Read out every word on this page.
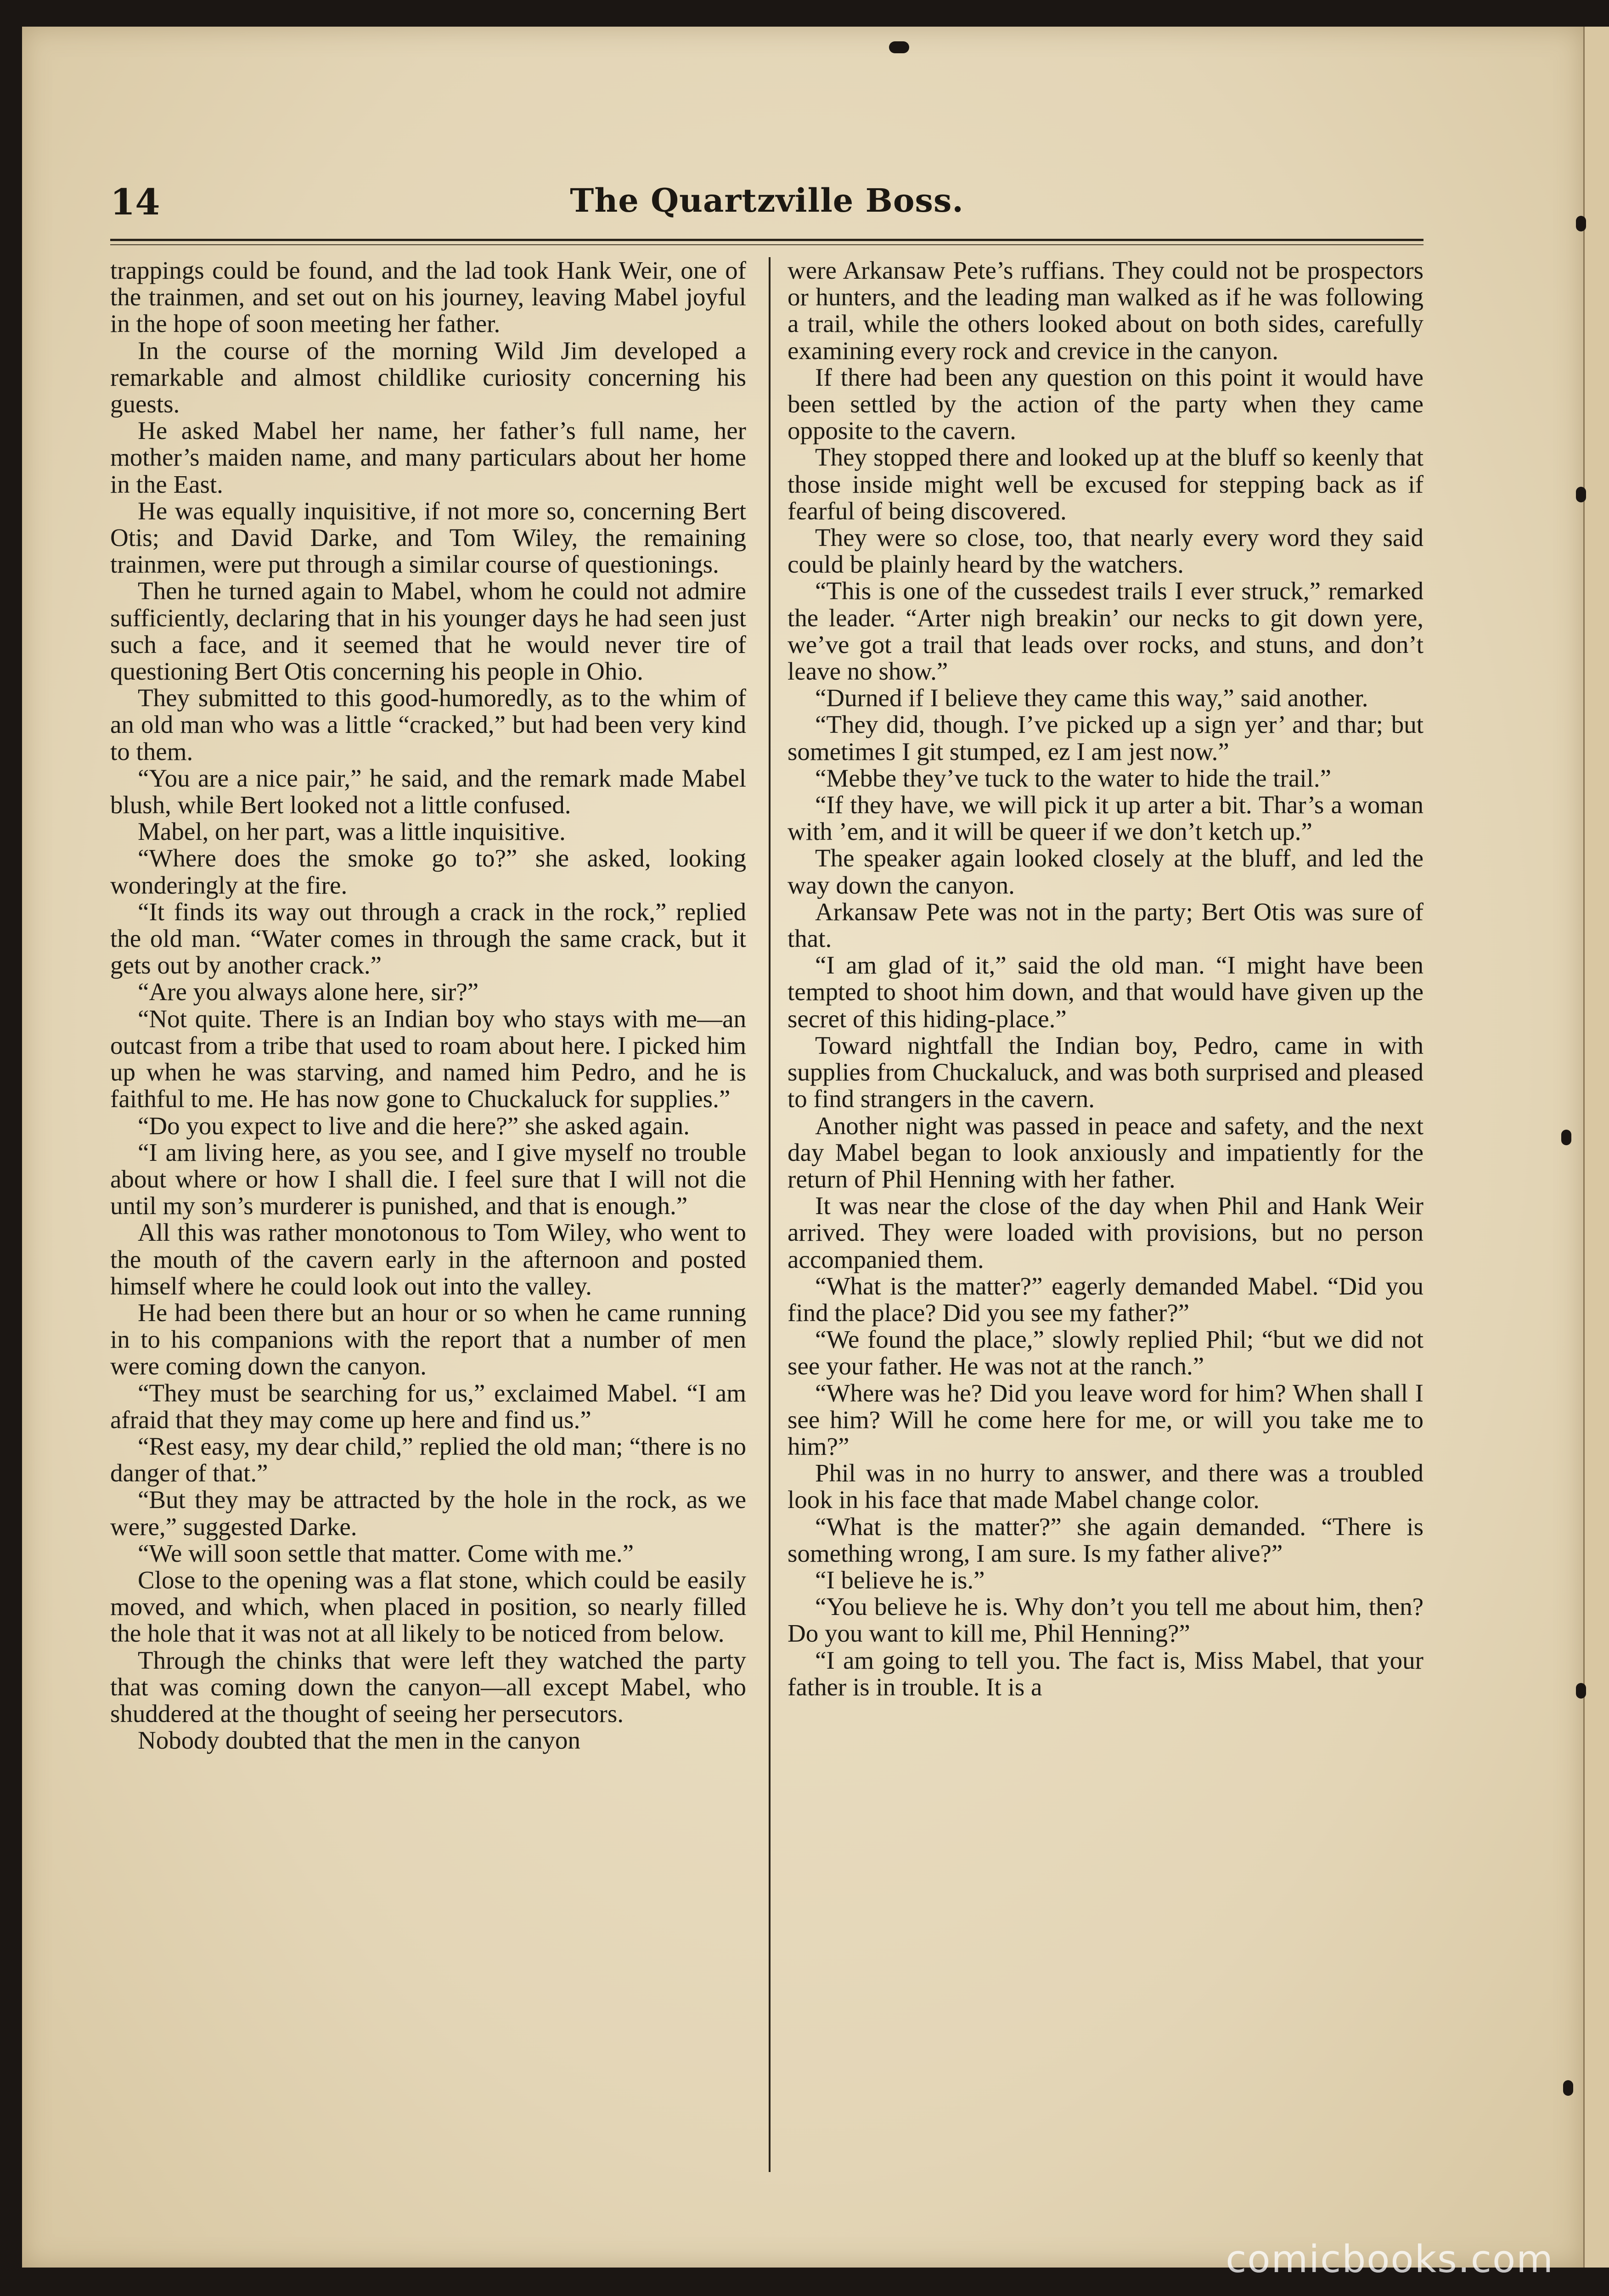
14	The Quartzville Boss.

trappings could be found, and the lad took Hank Weir, one of the trainmen, and set out on his journey, leaving Mabel joyful in the hope of soon meeting her father.

In the course of the morning Wild Jim developed a remarkable and almost childlike curiosity concerning his guests.

He asked Mabel her name, her father’s full name, her mother’s maiden name, and many particulars about her home in the East.

He was equally inquisitive, if not more so, concerning Bert Otis; and David Darke, and Tom Wiley, the remaining trainmen, were put through a similar course of questionings.

Then he turned again to Mabel, whom he could not admire sufficiently, declaring that in his younger days he had seen just such a face, and it seemed that he would never tire of questioning Bert Otis concerning his people in Ohio.

They submitted to this good-humoredly, as to the whim of an old man who was a little “cracked,” but had been very kind to them.

“You are a nice pair,” he said, and the remark made Mabel blush, while Bert looked not a little confused.

Mabel, on her part, was a little inquisitive.

“Where does the smoke go to?” she asked, looking wonderingly at the fire.

“It finds its way out through a crack in the rock,” replied the old man. “Water comes in through the same crack, but it gets out by another crack.”

“Are you always alone here, sir?”

“Not quite. There is an Indian boy who stays with me—an outcast from a tribe that used to roam about here. I picked him up when he was starving, and named him Pedro, and he is faithful to me. He has now gone to Chuckaluck for supplies.”

“Do you expect to live and die here?” she asked again.

“I am living here, as you see, and I give myself no trouble about where or how I shall die. I feel sure that I will not die until my son’s murderer is punished, and that is enough.”

All this was rather monotonous to Tom Wiley, who went to the mouth of the cavern early in the afternoon and posted himself where he could look out into the valley.

He had been there but an hour or so when he came running in to his companions with the report that a number of men were coming down the canyon.

“They must be searching for us,” exclaimed Mabel. “I am afraid that they may come up here and find us.”

“Rest easy, my dear child,” replied the old man; “there is no danger of that.”

“But they may be attracted by the hole in the rock, as we were,” suggested Darke.

“We will soon settle that matter. Come with me.”

Close to the opening was a flat stone, which could be easily moved, and which, when placed in position, so nearly filled the hole that it was not at all likely to be noticed from below.

Through the chinks that were left they watched the party that was coming down the canyon—all except Mabel, who shuddered at the thought of seeing her persecutors.

Nobody doubted that the men in the canyon

were Arkansaw Pete’s ruffians. They could not be prospectors or hunters, and the leading man walked as if he was following a trail, while the others looked about on both sides, carefully examining every rock and crevice in the canyon.

If there had been any question on this point it would have been settled by the action of the party when they came opposite to the cavern.

They stopped there and looked up at the bluff so keenly that those inside might well be excused for stepping back as if fearful of being discovered.

They were so close, too, that nearly every word they said could be plainly heard by the watchers.

“This is one of the cussedest trails I ever struck,” remarked the leader. “Arter nigh breakin’ our necks to git down yere, we’ve got a trail that leads over rocks, and stuns, and don’t leave no show.”

“Durned if I believe they came this way,” said another.

“They did, though. I’ve picked up a sign yer’ and thar; but sometimes I git stumped, ez I am jest now.”

“Mebbe they’ve tuck to the water to hide the trail.”

“If they have, we will pick it up arter a bit. Thar’s a woman with ’em, and it will be queer if we don’t ketch up.”

The speaker again looked closely at the bluff, and led the way down the canyon.

Arkansaw Pete was not in the party; Bert Otis was sure of that.

“I am glad of it,” said the old man. “I might have been tempted to shoot him down, and that would have given up the secret of this hiding-place.”

Toward nightfall the Indian boy, Pedro, came in with supplies from Chuckaluck, and was both surprised and pleased to find strangers in the cavern.

Another night was passed in peace and safety, and the next day Mabel began to look anxiously and impatiently for the return of Phil Henning with her father.

It was near the close of the day when Phil and Hank Weir arrived. They were loaded with provisions, but no person accompanied them.

“What is the matter?” eagerly demanded Mabel. “Did you find the place? Did you see my father?”

“We found the place,” slowly replied Phil; “but we did not see your father. He was not at the ranch.”

“Where was he? Did you leave word for him? When shall I see him? Will he come here for me, or will you take me to him?”

Phil was in no hurry to answer, and there was a troubled look in his face that made Mabel change color.

“What is the matter?” she again demanded. “There is something wrong, I am sure. Is my father alive?”

“I believe he is.”

“You believe he is. Why don’t you tell me about him, then? Do you want to kill me, Phil Henning?”

“I am going to tell you. The fact is, Miss Mabel, that your father is in trouble. It is a

comicbooks.com
